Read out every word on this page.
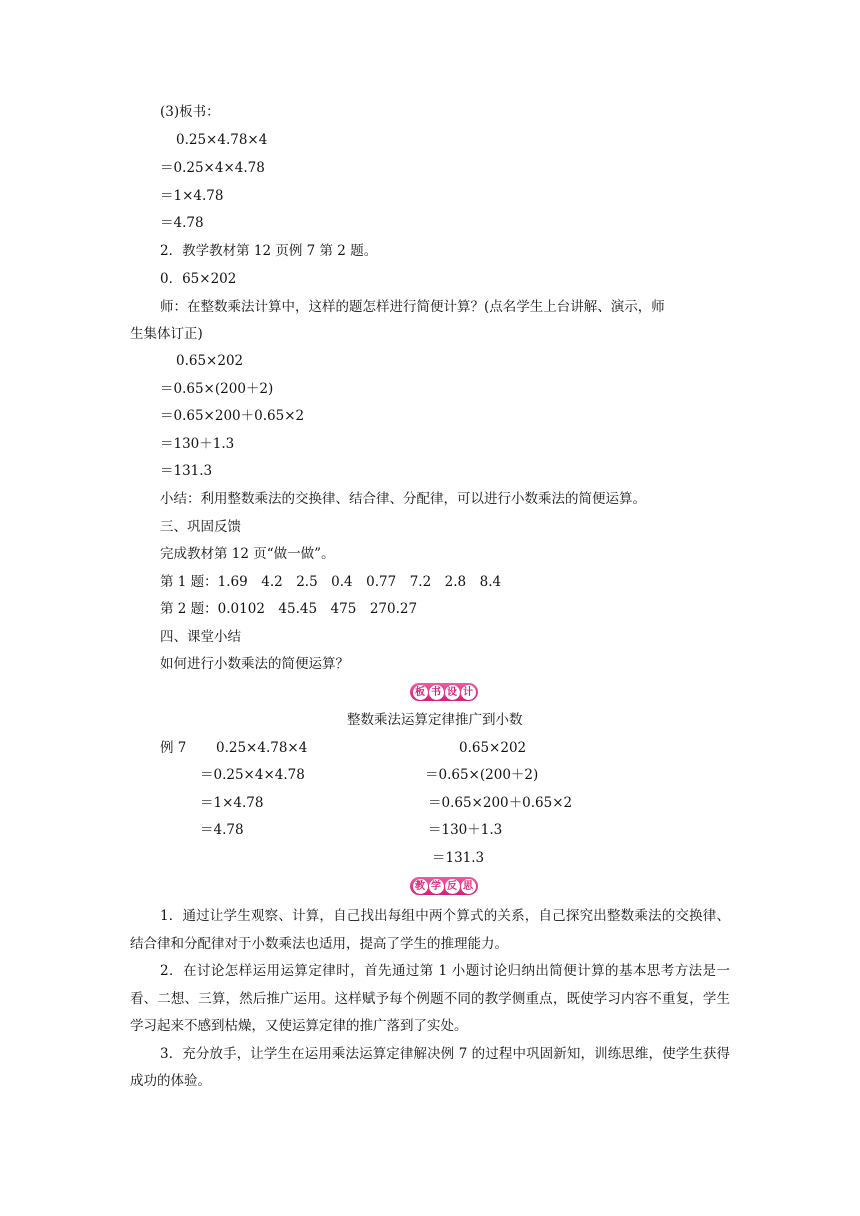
(3)板书：
0.25×4.78×4
＝0.25×4×4.78
＝1×4.78
＝4.78
2．教学教材第 12 页例 7 第 2 题。
0．65×202
师：在整数乘法计算中，这样的题怎样进行简便计算？(点名学生上台讲解、演示，师
生集体订正)
0.65×202
＝0.65×(200＋2)
＝0.65×200＋0.65×2
＝130＋1.3
＝131.3
小结：利用整数乘法的交换律、结合律、分配律，可以进行小数乘法的简便运算。
三、巩固反馈
完成教材第 12 页“做一做”。
第 1 题：1.69　4.2　2.5　0.4　0.77　7.2　2.8　8.4
第 2 题：0.0102　45.45　475　270.27
四、课堂小结
如何进行小数乘法的简便运算？
板 书 设 计
整数乘法运算定律推广到小数
例 7 0.25×4.78×4
＝0.25×4×4.78
＝1×4.78
＝4.78
0.65×202
＝0.65×(200＋2)
＝0.65×200＋0.65×2
＝130＋1.3
＝131.3
教 学 反 思

1．通过让学生观察、计算，自己找出每组中两个算式的关系，自己探究出整数乘法的交换律、结合律和分配律对于小数乘法也适用，提高了学生的推理能力。

2．在讨论怎样运用运算定律时，首先通过第 1 小题讨论归纳出简便计算的基本思考方法是一看、二想、三算，然后推广运用。这样赋予每个例题不同的教学侧重点，既使学习内容不重复，学生学习起来不感到枯燥，又使运算定律的推广落到了实处。

3．充分放手，让学生在运用乘法运算定律解决例 7 的过程中巩固新知，训练思维，使学生获得成功的体验。
